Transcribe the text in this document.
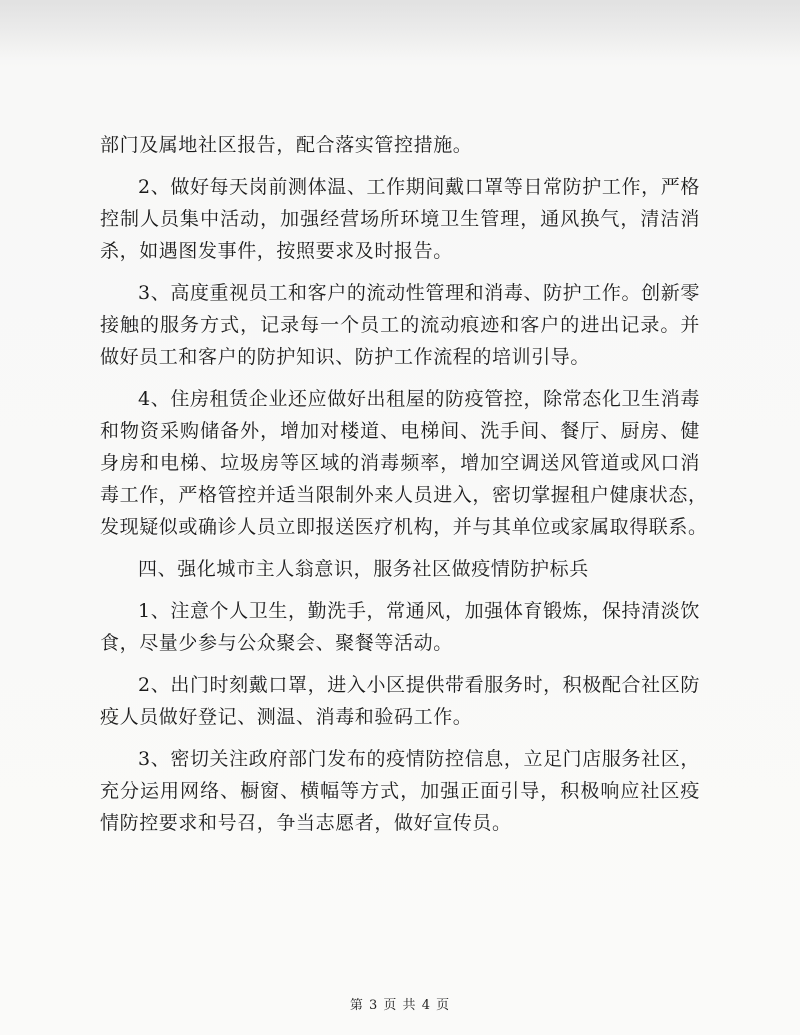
部门及属地社区报告，配合落实管控措施。
2、做好每天岗前测体温、工作期间戴口罩等日常防护工作，严格
控制人员集中活动，加强经营场所环境卫生管理，通风换气，清洁消
杀，如遇图发事件，按照要求及时报告。
3、高度重视员工和客户的流动性管理和消毒、防护工作。创新零
接触的服务方式，记录每一个员工的流动痕迹和客户的进出记录。并
做好员工和客户的防护知识、防护工作流程的培训引导。
4、住房租赁企业还应做好出租屋的防疫管控，除常态化卫生消毒
和物资采购储备外，增加对楼道、电梯间、洗手间、餐厅、厨房、健
身房和电梯、垃圾房等区域的消毒频率，增加空调送风管道或风口消
毒工作，严格管控并适当限制外来人员进入，密切掌握租户健康状态，
发现疑似或确诊人员立即报送医疗机构，并与其单位或家属取得联系。
四、强化城市主人翁意识，服务社区做疫情防护标兵
1、注意个人卫生，勤洗手，常通风，加强体育锻炼，保持清淡饮
食，尽量少参与公众聚会、聚餐等活动。
2、出门时刻戴口罩，进入小区提供带看服务时，积极配合社区防
疫人员做好登记、测温、消毒和验码工作。
3、密切关注政府部门发布的疫情防控信息，立足门店服务社区，
充分运用网络、橱窗、横幅等方式，加强正面引导，积极响应社区疫
情防控要求和号召，争当志愿者，做好宣传员。
第 3 页 共 4 页
